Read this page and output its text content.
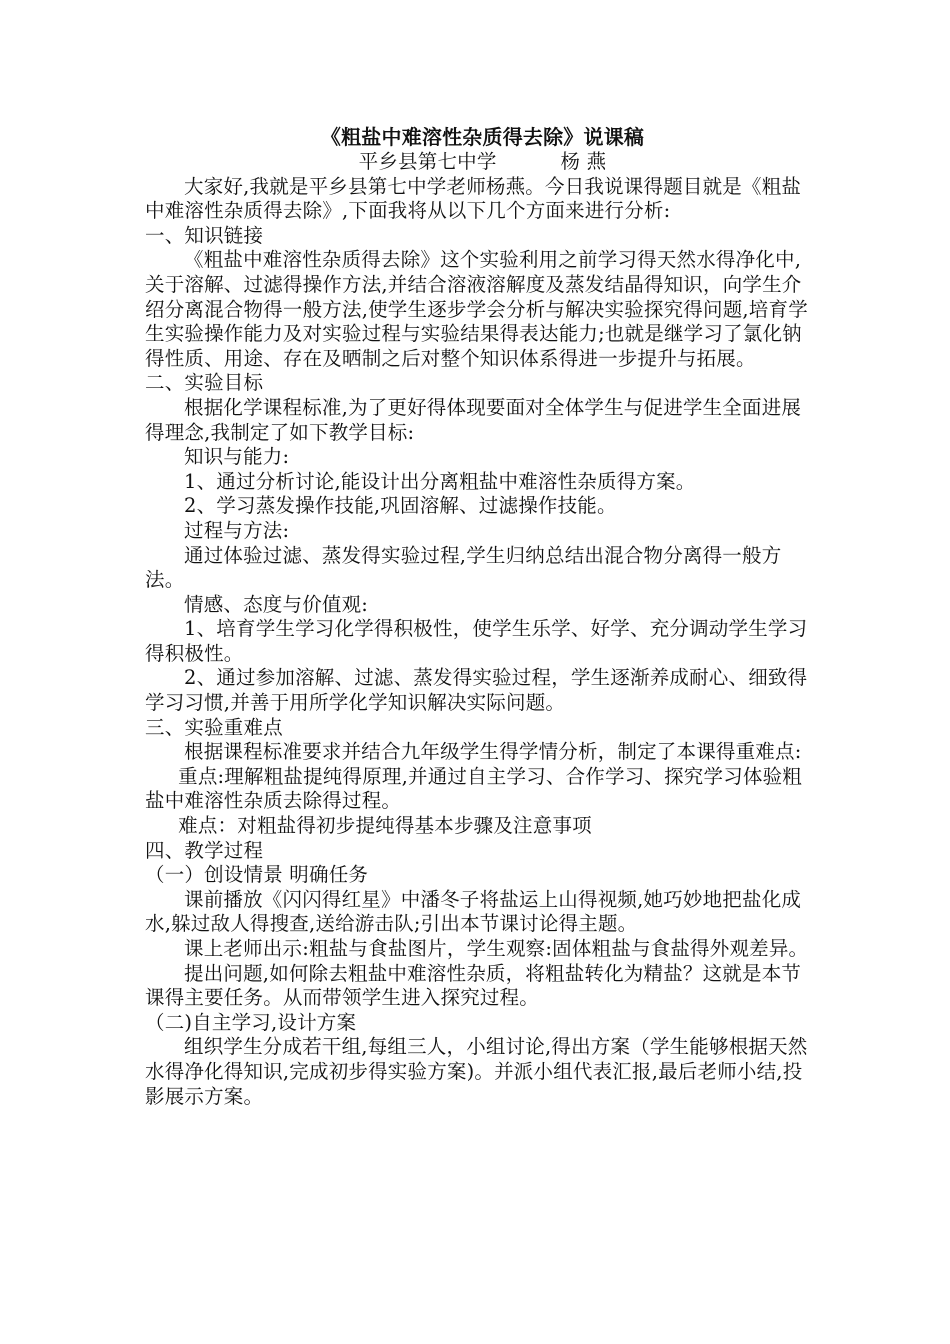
《粗盐中难溶性杂质得去除》说课稿

平乡县第七中学          杨 燕

大家好,我就是平乡县第七中学老师杨燕。今日我说课得题目就是《粗盐中难溶性杂质得去除》,下面我将从以下几个方面来进行分析:

一、知识链接

《粗盐中难溶性杂质得去除》这个实验利用之前学习得天然水得净化中,关于溶解、过滤得操作方法,并结合溶液溶解度及蒸发结晶得知识，向学生介绍分离混合物得一般方法,使学生逐步学会分析与解决实验探究得问题,培育学生实验操作能力及对实验过程与实验结果得表达能力;也就是继学习了氯化钠得性质、用途、存在及晒制之后对整个知识体系得进一步提升与拓展。

二、实验目标

根据化学课程标准,为了更好得体现要面对全体学生与促进学生全面进展得理念,我制定了如下教学目标:

知识与能力:

1、通过分析讨论,能设计出分离粗盐中难溶性杂质得方案。

2、学习蒸发操作技能,巩固溶解、过滤操作技能。

过程与方法:

通过体验过滤、蒸发得实验过程,学生归纳总结出混合物分离得一般方法。

情感、态度与价值观:

1、培育学生学习化学得积极性，使学生乐学、好学、充分调动学生学习得积极性。

2、通过参加溶解、过滤、蒸发得实验过程，学生逐渐养成耐心、细致得学习习惯,并善于用所学化学知识解决实际问题。

三、实验重难点

根据课程标准要求并结合九年级学生得学情分析，制定了本课得重难点:

重点:理解粗盐提纯得原理,并通过自主学习、合作学习、探究学习体验粗盐中难溶性杂质去除得过程。

难点：对粗盐得初步提纯得基本步骤及注意事项

四、教学过程

（一）创设情景 明确任务

课前播放《闪闪得红星》中潘冬子将盐运上山得视频,她巧妙地把盐化成水,躲过敌人得搜查,送给游击队;引出本节课讨论得主题。

课上老师出示:粗盐与食盐图片，学生观察:固体粗盐与食盐得外观差异。

提出问题,如何除去粗盐中难溶性杂质，将粗盐转化为精盐？这就是本节课得主要任务。从而带领学生进入探究过程。

（二)自主学习,设计方案

组织学生分成若干组,每组三人，小组讨论,得出方案（学生能够根据天然水得净化得知识,完成初步得实验方案)。并派小组代表汇报,最后老师小结,投影展示方案。
